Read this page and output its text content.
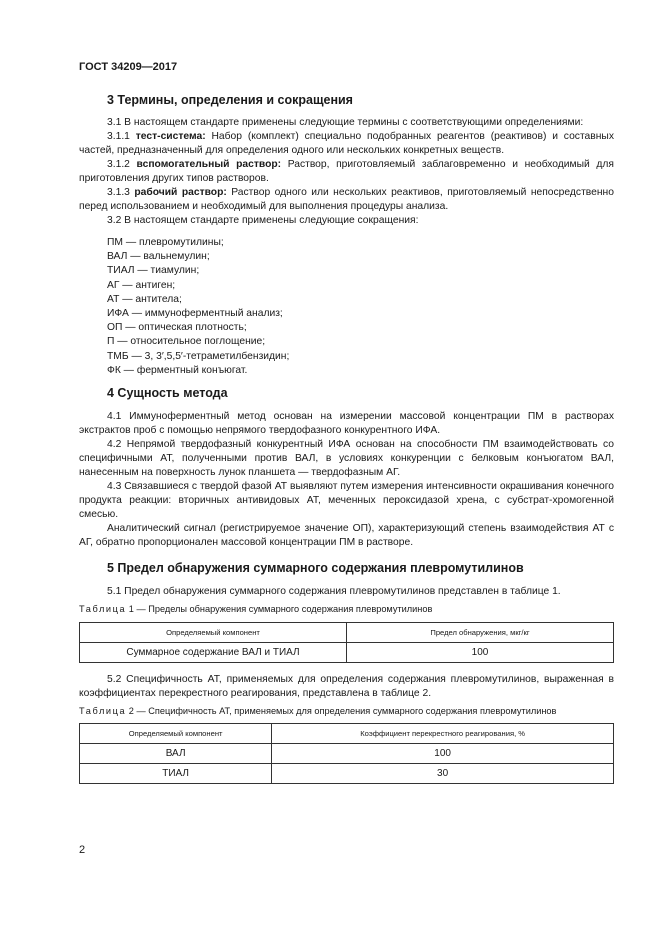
ГОСТ 34209—2017
3 Термины, определения и сокращения

3.1 В настоящем стандарте применены следующие термины с соответствующими определениями:

3.1.1 тест-система: Набор (комплект) специально подобранных реагентов (реактивов) и составных частей, предназначенный для определения одного или нескольких конкретных веществ.

3.1.2 вспомогательный раствор: Раствор, приготовляемый заблаговременно и необходимый для приготовления других типов растворов.

3.1.3 рабочий раствор: Раствор одного или нескольких реактивов, приготовляемый непосредственно перед использованием и необходимый для выполнения процедуры анализа.

3.2 В настоящем стандарте применены следующие сокращения:

ПМ — плевромутилины;
ВАЛ — вальнемулин;
ТИАЛ — тиамулин;
АГ — антиген;
АТ — антитела;
ИФА — иммуноферментный анализ;
ОП — оптическая плотность;
П — относительное поглощение;
ТМБ — 3, 3′,5,5′-тетраметилбензидин;
ФК — ферментный конъюгат.
4 Сущность метода

4.1 Иммуноферментный метод основан на измерении массовой концентрации ПМ в растворах экстрактов проб с помощью непрямого твердофазного конкурентного ИФА.

4.2 Непрямой твердофазный конкурентный ИФА основан на способности ПМ взаимодействовать со специфичными АТ, полученными против ВАЛ, в условиях конкуренции с белковым конъюгатом ВАЛ, нанесенным на поверхность лунок планшета — твердофазным АГ.

4.3 Связавшиеся с твердой фазой АТ выявляют путем измерения интенсивности окрашивания конечного продукта реакции: вторичных антивидовых АТ, меченных пероксидазой хрена, с субстрат-хромогенной смесью.

Аналитический сигнал (регистрируемое значение ОП), характеризующий степень взаимодействия АТ с АГ, обратно пропорционален массовой концентрации ПМ в растворе.

5 Предел обнаружения суммарного содержания плевромутилинов

5.1 Предел обнаружения суммарного содержания плевромутилинов представлен в таблице 1.

Таблица 1 — Пределы обнаружения суммарного содержания плевромутилинов
Определяемый компонент	Предел обнаружения, мкг/кг
Суммарное содержание ВАЛ и ТИАЛ	100

5.2 Специфичность АТ, применяемых для определения содержания плевромутилинов, выраженная в коэффициентах перекрестного реагирования, представлена в таблице 2.

Таблица 2 — Специфичность АТ, применяемых для определения суммарного содержания плевромутилинов
Определяемый компонент	Коэффициент перекрестного реагирования, %
ВАЛ	100
ТИАЛ	30
2
